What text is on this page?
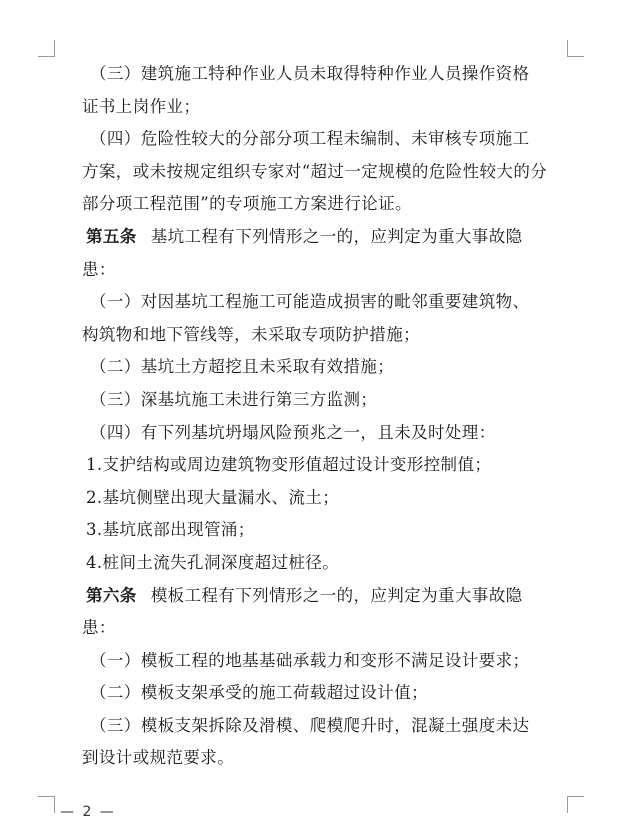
（三）建筑施工特种作业人员未取得特种作业人员操作资格
证书上岗作业；
（四）危险性较大的分部分项工程未编制、未审核专项施工
方案，或未按规定组织专家对“超过一定规模的危险性较大的分
部分项工程范围”的专项施工方案进行论证。
第五条 基坑工程有下列情形之一的，应判定为重大事故隐
患：
（一）对因基坑工程施工可能造成损害的毗邻重要建筑物、
构筑物和地下管线等，未采取专项防护措施；
（二）基坑土方超挖且未采取有效措施；
（三）深基坑施工未进行第三方监测；
（四）有下列基坑坍塌风险预兆之一，且未及时处理：
1.支护结构或周边建筑物变形值超过设计变形控制值；
2.基坑侧壁出现大量漏水、流土；
3.基坑底部出现管涌；
4.桩间土流失孔洞深度超过桩径。
第六条 模板工程有下列情形之一的，应判定为重大事故隐
患：
（一）模板工程的地基基础承载力和变形不满足设计要求；
（二）模板支架承受的施工荷载超过设计值；
（三）模板支架拆除及滑模、爬模爬升时，混凝土强度未达
到设计或规范要求。
— 2 —
